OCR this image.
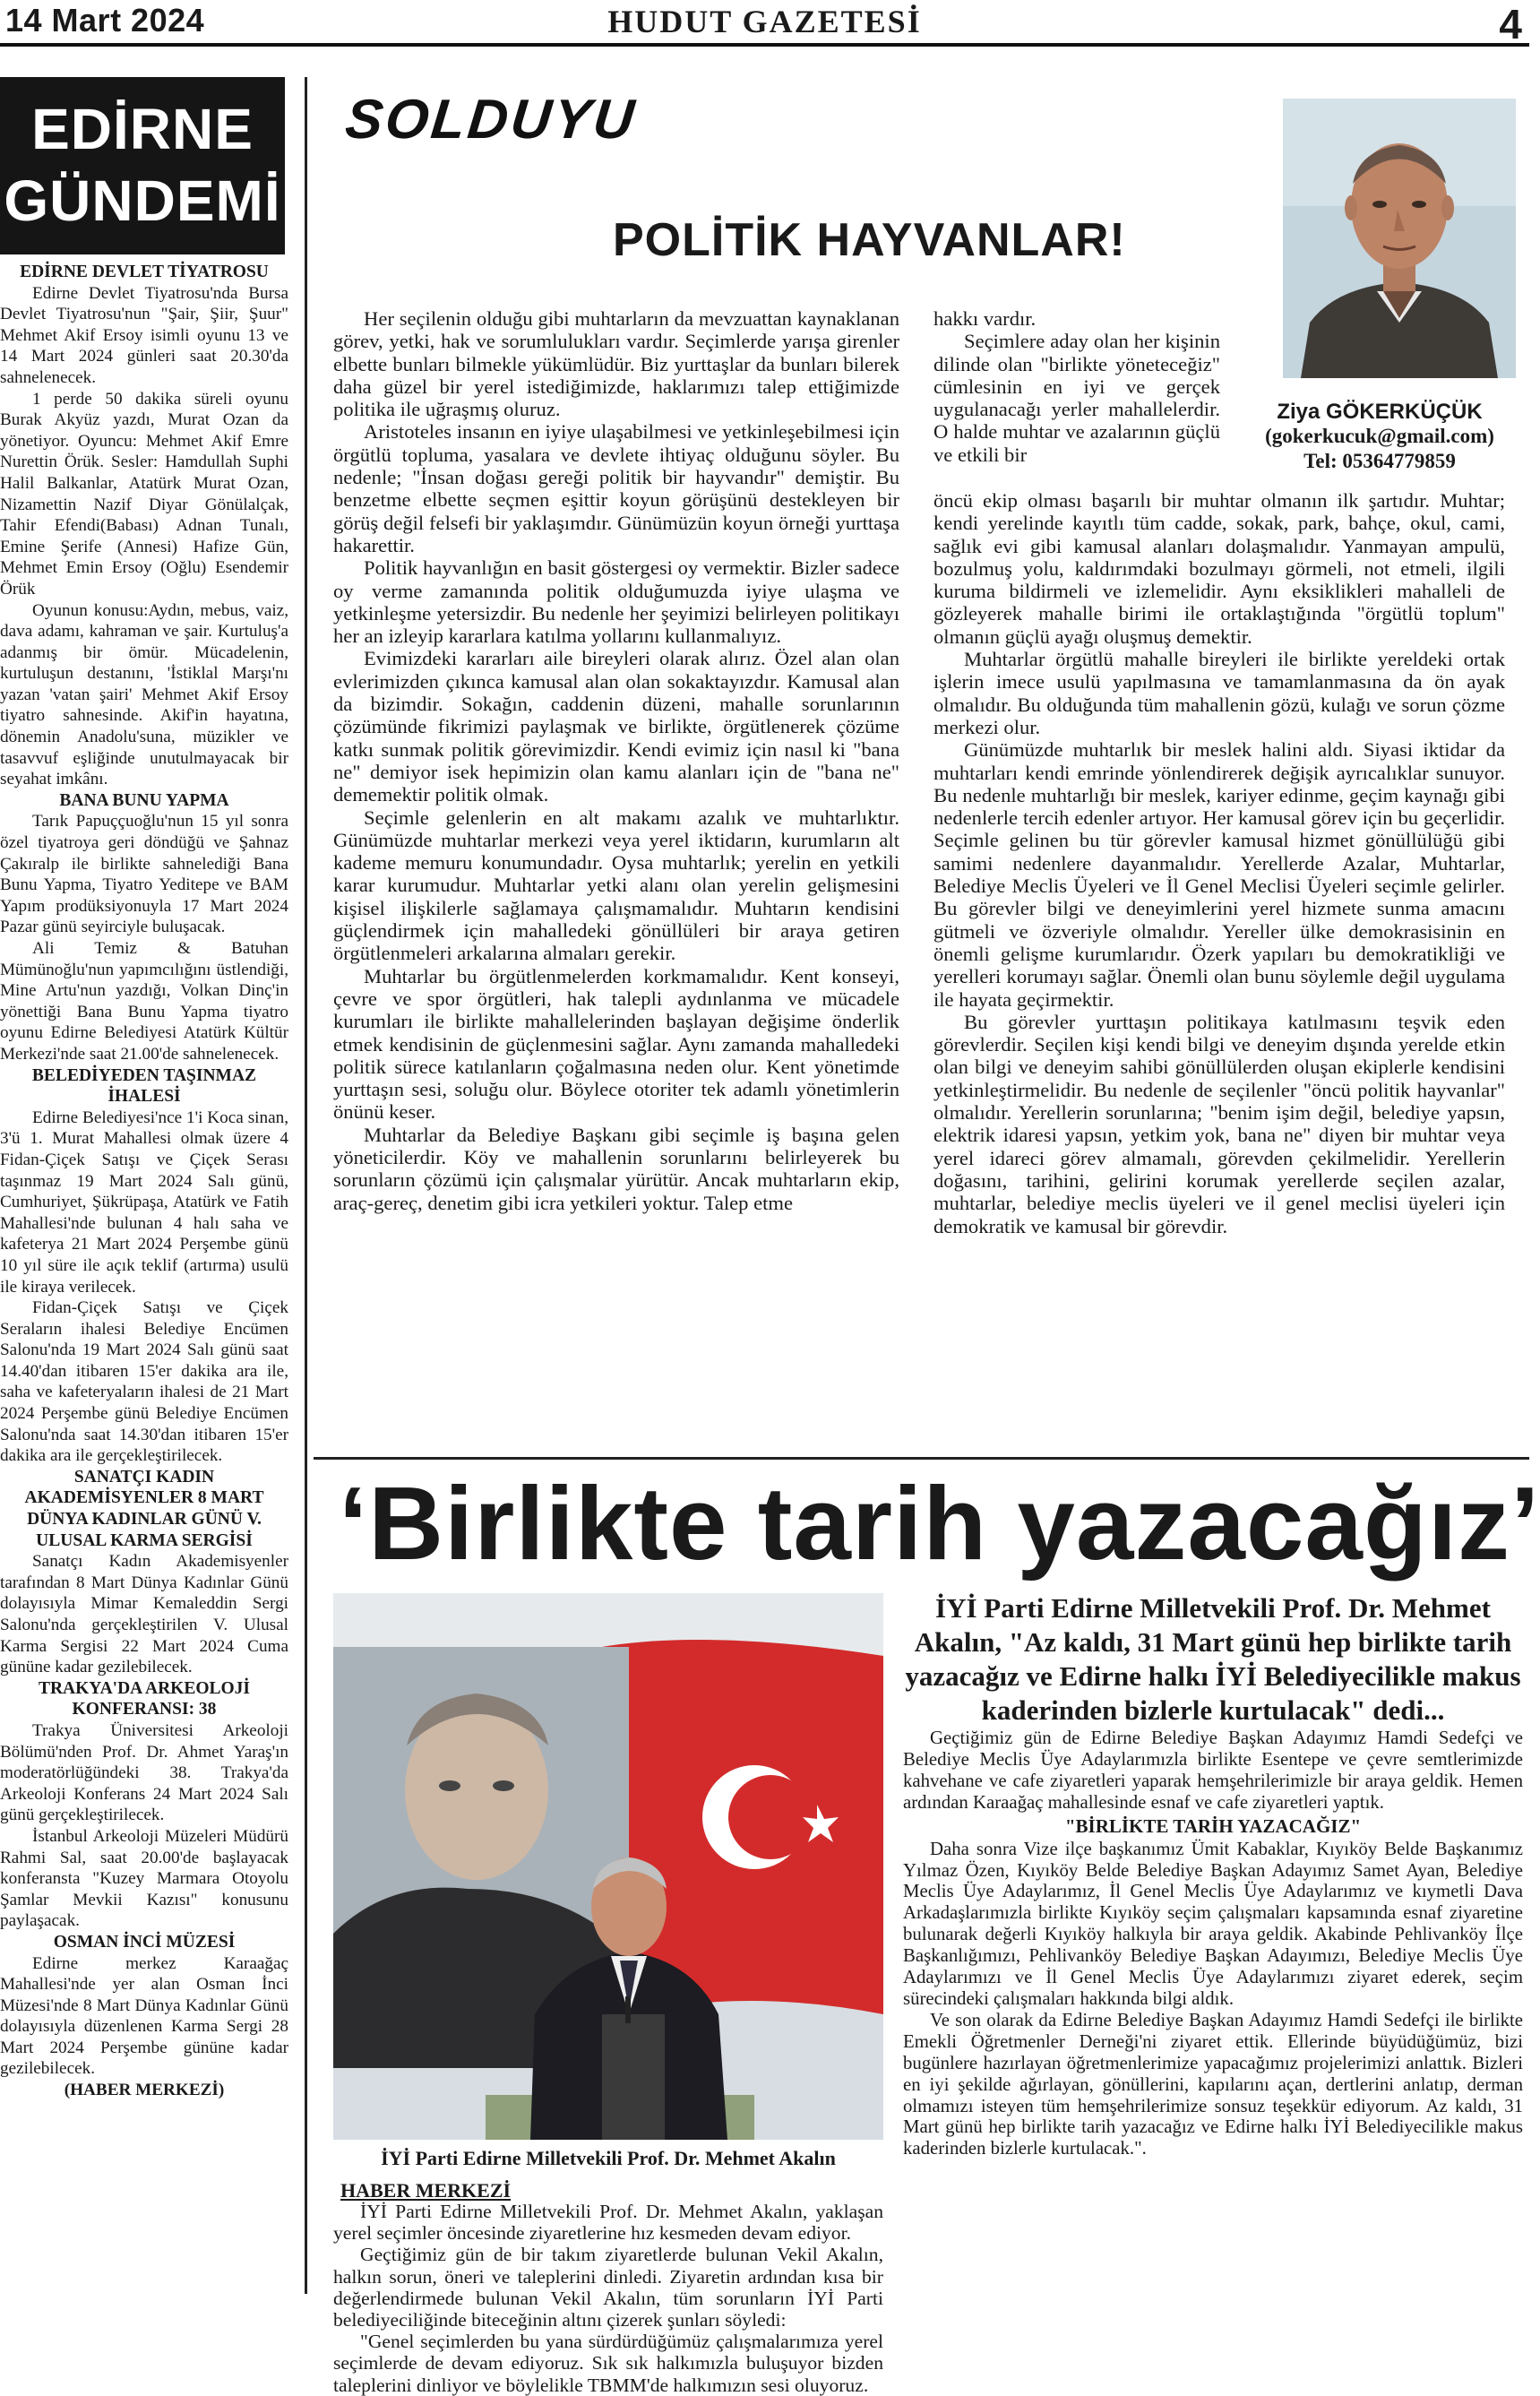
14 Mart 2024	HUDUT GAZETESİ	4
EDİRNE
GÜNDEMİ
EDİRNE DEVLET TİYATROSU

Edirne Devlet Tiyatrosu'nda Bursa Devlet Tiyatrosu'nun "Şair, Şiir, Şuur" Mehmet Akif Ersoy isimli oyunu 13 ve 14 Mart 2024 günleri saat 20.30'da sahnelenecek.

1 perde 50 dakika süreli oyunu Burak Akyüz yazdı, Murat Ozan da yönetiyor. Oyuncu: Mehmet Akif Emre Nurettin Örük. Sesler: Hamdullah Suphi Halil Balkanlar, Atatürk Murat Ozan, Nizamettin Nazif Diyar Gönülalçak, Tahir Efendi(Babası) Adnan Tunalı, Emine Şerife (Annesi) Hafize Gün, Mehmet Emin Ersoy (Oğlu) Esendemir Örük

Oyunun konusu:Aydın, mebus, vaiz, dava adamı, kahraman ve şair. Kurtuluş'a adanmış bir ömür. Mücadelenin, kurtuluşun destanını, 'İstiklal Marşı'nı yazan 'vatan şairi' Mehmet Akif Ersoy tiyatro sahnesinde. Akif'in hayatına, dönemin Anadolu'suna, müzikler ve tasavvuf eşliğinde unutulmayacak bir seyahat imkânı.

BANA BUNU YAPMA

Tarık Papuççuoğlu'nun 15 yıl sonra özel tiyatroya geri döndüğü ve Şahnaz Çakıralp ile birlikte sahnelediği Bana Bunu Yapma, Tiyatro Yeditepe ve BAM Yapım prodüksiyonuyla 17 Mart 2024 Pazar günü seyirciyle buluşacak.

Ali Temiz & Batuhan Mümünoğlu'nun yapımcılığını üstlendiği, Mine Artu'nun yazdığı, Volkan Dinç'in yönettiği Bana Bunu Yapma tiyatro oyunu Edirne Belediyesi Atatürk Kültür Merkezi'nde saat 21.00'de sahnelenecek.

BELEDİYEDEN TAŞINMAZ İHALESİ

Edirne Belediyesi'nce 1'i Koca sinan, 3'ü 1. Murat Mahallesi olmak üzere 4 Fidan-Çiçek Satışı ve Çiçek Serası taşınmaz 19 Mart 2024 Salı günü, Cumhuriyet, Şükrüpaşa, Atatürk ve Fatih Mahallesi'nde bulunan 4 halı saha ve kafeterya 21 Mart 2024 Perşembe günü 10 yıl süre ile açık teklif (artırma) usulü ile kiraya verilecek.

Fidan-Çiçek Satışı ve Çiçek Seraların ihalesi Belediye Encümen Salonu'nda 19 Mart 2024 Salı günü saat 14.40'dan itibaren 15'er dakika ara ile, saha ve kafeteryaların ihalesi de 21 Mart 2024 Perşembe günü Belediye Encümen Salonu'nda saat 14.30'dan itibaren 15'er dakika ara ile gerçekleştirilecek.

SANATÇI KADIN AKADEMİSYENLER 8 MART DÜNYA KADINLAR GÜNÜ V. ULUSAL KARMA SERGİSİ

Sanatçı Kadın Akademisyenler tarafından 8 Mart Dünya Kadınlar Günü dolayısıyla Mimar Kemaleddin Sergi Salonu'nda gerçekleştirilen V. Ulusal Karma Sergisi 22 Mart 2024 Cuma gününe kadar gezilebilecek.

TRAKYA'DA ARKEOLOJİ KONFERANSI: 38

Trakya Üniversitesi Arkeoloji Bölümü'nden Prof. Dr. Ahmet Yaraş'ın moderatörlüğündeki 38. Trakya'da Arkeoloji Konferans 24 Mart 2024 Salı günü gerçekleştirilecek.

İstanbul Arkeoloji Müzeleri Müdürü Rahmi Sal, saat 20.00'de başlayacak konferansta "Kuzey Marmara Otoyolu Şamlar Mevkii Kazısı" konusunu paylaşacak.

OSMAN İNCİ MÜZESİ

Edirne merkez Karaağaç Mahallesi'nde yer alan Osman İnci Müzesi'nde 8 Mart Dünya Kadınlar Günü dolayısıyla düzenlenen Karma Sergi 28 Mart 2024 Perşembe gününe kadar gezilebilecek.

(HABER MERKEZİ)
SOLDUYU
POLİTİK HAYVANLAR!
Ziya GÖKERKÜÇÜK
(gokerkucuk@gmail.com)
Tel: 05364779859

Her seçilenin olduğu gibi muhtarların da mevzuattan kaynaklanan görev, yetki, hak ve sorumlulukları vardır. Seçimlerde yarışa girenler elbette bunları bilmekle yükümlüdür. Biz yurttaşlar da bunları bilerek daha güzel bir yerel istediğimizde, haklarımızı talep ettiğimizde politika ile uğraşmış oluruz.

Aristoteles insanın en iyiye ulaşabilmesi ve yetkinleşebilmesi için örgütlü topluma, yasalara ve devlete ihtiyaç olduğunu söyler. Bu nedenle; "İnsan doğası gereği politik bir hayvandır" demiştir. Bu benzetme elbette seçmen eşittir koyun görüşünü destekleyen bir görüş değil felsefi bir yaklaşımdır. Günümüzün koyun örneği yurttaşa hakarettir.

Politik hayvanlığın en basit göstergesi oy vermektir. Bizler sadece oy verme zamanında politik olduğumuzda iyiye ulaşma ve yetkinleşme yetersizdir. Bu nedenle her şeyimizi belirleyen politikayı her an izleyip kararlara katılma yollarını kullanmalıyız.

Evimizdeki kararları aile bireyleri olarak alırız. Özel alan olan evlerimizden çıkınca kamusal alan olan sokaktayızdır. Kamusal alan da bizimdir. Sokağın, caddenin düzeni, mahalle sorunlarının çözümünde fikrimizi paylaşmak ve birlikte, örgütlenerek çözüme katkı sunmak politik görevimizdir. Kendi evimiz için nasıl ki "bana ne" demiyor isek hepimizin olan kamu alanları için de "bana ne" dememektir politik olmak.

Seçimle gelenlerin en alt makamı azalık ve muhtarlıktır. Günümüzde muhtarlar merkezi veya yerel iktidarın, kurumların alt kademe memuru konumundadır. Oysa muhtarlık; yerelin en yetkili karar kurumudur. Muhtarlar yetki alanı olan yerelin gelişmesini kişisel ilişkilerle sağlamaya çalışmamalıdır. Muhtarın kendisini güçlendirmek için mahalledeki gönüllüleri bir araya getiren örgütlenmeleri arkalarına almaları gerekir.

Muhtarlar bu örgütlenmelerden korkmamalıdır. Kent konseyi, çevre ve spor örgütleri, hak talepli aydınlanma ve mücadele kurumları ile birlikte mahallelerinden başlayan değişime önderlik etmek kendisinin de güçlenmesini sağlar. Aynı zamanda mahalledeki politik sürece katılanların çoğalmasına neden olur. Kent yönetimde yurttaşın sesi, soluğu olur. Böylece otoriter tek adamlı yönetimlerin önünü keser.

Muhtarlar da Belediye Başkanı gibi seçimle iş başına gelen yöneticilerdir. Köy ve mahallenin sorunlarını belirleyerek bu sorunların çözümü için çalışmalar yürütür. Ancak muhtarların ekip, araç-gereç, denetim gibi icra yetkileri yoktur. Talep etme

hakkı vardır.

Seçimlere aday olan her kişinin dilinde olan "birlikte yöneteceğiz" cümlesinin en iyi ve gerçek uygulanacağı yerler mahallelerdir. O halde muhtar ve azalarının güçlü ve etkili bir

öncü ekip olması başarılı bir muhtar olmanın ilk şartıdır. Muhtar; kendi yerelinde kayıtlı tüm cadde, sokak, park, bahçe, okul, cami, sağlık evi gibi kamusal alanları dolaşmalıdır. Yanmayan ampulü, bozulmuş yolu, kaldırımdaki bozulmayı görmeli, not etmeli, ilgili kuruma bildirmeli ve izlemelidir. Aynı eksiklikleri mahalleli de gözleyerek mahalle birimi ile ortaklaştığında "örgütlü toplum" olmanın güçlü ayağı oluşmuş demektir.

Muhtarlar örgütlü mahalle bireyleri ile birlikte yereldeki ortak işlerin imece usulü yapılmasına ve tamamlanmasına da ön ayak olmalıdır. Bu olduğunda tüm mahallenin gözü, kulağı ve sorun çözme merkezi olur.

Günümüzde muhtarlık bir meslek halini aldı. Siyasi iktidar da muhtarları kendi emrinde yönlendirerek değişik ayrıcalıklar sunuyor. Bu nedenle muhtarlığı bir meslek, kariyer edinme, geçim kaynağı gibi nedenlerle tercih edenler artıyor. Her kamusal görev için bu geçerlidir. Seçimle gelinen bu tür görevler kamusal hizmet gönüllülüğü gibi samimi nedenlere dayanmalıdır. Yerellerde Azalar, Muhtarlar, Belediye Meclis Üyeleri ve İl Genel Meclisi Üyeleri seçimle gelirler. Bu görevler bilgi ve deneyimlerini yerel hizmete sunma amacını gütmeli ve özveriyle olmalıdır. Yereller ülke demokrasisinin en önemli gelişme kurumlarıdır. Özerk yapıları bu demokratikliği ve yerelleri korumayı sağlar. Önemli olan bunu söylemle değil uygulama ile hayata geçirmektir.

Bu görevler yurttaşın politikaya katılmasını teşvik eden görevlerdir. Seçilen kişi kendi bilgi ve deneyim dışında yerelde etkin olan bilgi ve deneyim sahibi gönüllülerden oluşan ekiplerle kendisini yetkinleştirmelidir. Bu nedenle de seçilenler "öncü politik hayvanlar" olmalıdır. Yerellerin sorunlarına; "benim işim değil, belediye yapsın, elektrik idaresi yapsın, yetkim yok, bana ne" diyen bir muhtar veya yerel idareci görev almamalı, görevden çekilmelidir. Yerellerin doğasını, tarihini, gelirini korumak yerellerde seçilen azalar, muhtarlar, belediye meclis üyeleri ve il genel meclisi üyeleri için demokratik ve kamusal bir görevdir.

‘Birlikte tarih yazacağız’
İYİ Parti Edirne Milletvekili Prof. Dr. Mehmet Akalın
HABER MERKEZİ

İYİ Parti Edirne Milletvekili Prof. Dr. Mehmet Akalın, yaklaşan yerel seçimler öncesinde ziyaretlerine hız kesmeden devam ediyor.

Geçtiğimiz gün de bir takım ziyaretlerde bulunan Vekil Akalın, halkın sorun, öneri ve taleplerini dinledi. Ziyaretin ardından kısa bir değerlendirmede bulunan Vekil Akalın, tüm sorunların İYİ Parti belediyeciliğinde biteceğinin altını çizerek şunları söyledi:

"Genel seçimlerden bu yana sürdürdüğümüz çalışmalarımıza yerel seçimlerde de devam ediyoruz. Sık sık halkımızla buluşuyor bizden taleplerini dinliyor ve böylelikle TBMM'de halkımızın sesi oluyoruz.

İYİ Parti Edirne Milletvekili Prof. Dr. Mehmet Akalın, "Az kaldı, 31 Mart günü hep birlikte tarih yazacağız ve Edirne halkı İYİ Belediyecilikle makus kaderinden bizlerle kurtulacak" dedi...

Geçtiğimiz gün de Edirne Belediye Başkan Adayımız Hamdi Sedefçi ve Belediye Meclis Üye Adaylarımızla birlikte Esentepe ve çevre semtlerimizde kahvehane ve cafe ziyaretleri yaparak hemşehrilerimizle bir araya geldik. Hemen ardından Karaağaç mahallesinde esnaf ve cafe ziyaretleri yaptık.

"BİRLİKTE TARİH YAZACAĞIZ"

Daha sonra Vize ilçe başkanımız Ümit Kabaklar, Kıyıköy Belde Başkanımız Yılmaz Özen, Kıyıköy Belde Belediye Başkan Adayımız Samet Ayan, Belediye Meclis Üye Adaylarımız, İl Genel Meclis Üye Adaylarımız ve kıymetli Dava Arkadaşlarımızla birlikte Kıyıköy seçim çalışmaları kapsamında esnaf ziyaretine bulunarak değerli Kıyıköy halkıyla bir araya geldik. Akabinde Pehlivanköy İlçe Başkanlığımızı, Pehlivanköy Belediye Başkan Adayımızı, Belediye Meclis Üye Adaylarımızı ve İl Genel Meclis Üye Adaylarımızı ziyaret ederek, seçim sürecindeki çalışmaları hakkında bilgi aldık.

Ve son olarak da Edirne Belediye Başkan Adayımız Hamdi Sedefçi ile birlikte Emekli Öğretmenler Derneği'ni ziyaret ettik. Ellerinde büyüdüğümüz, bizi bugünlere hazırlayan öğretmenlerimize yapacağımız projelerimizi anlattık. Bizleri en iyi şekilde ağırlayan, gönüllerini, kapılarını açan, dertlerini anlatıp, derman olmamızı isteyen tüm hemşehrilerimize sonsuz teşekkür ediyorum. Az kaldı, 31 Mart günü hep birlikte tarih yazacağız ve Edirne halkı İYİ Belediyecilikle makus kaderinden bizlerle kurtulacak.".
